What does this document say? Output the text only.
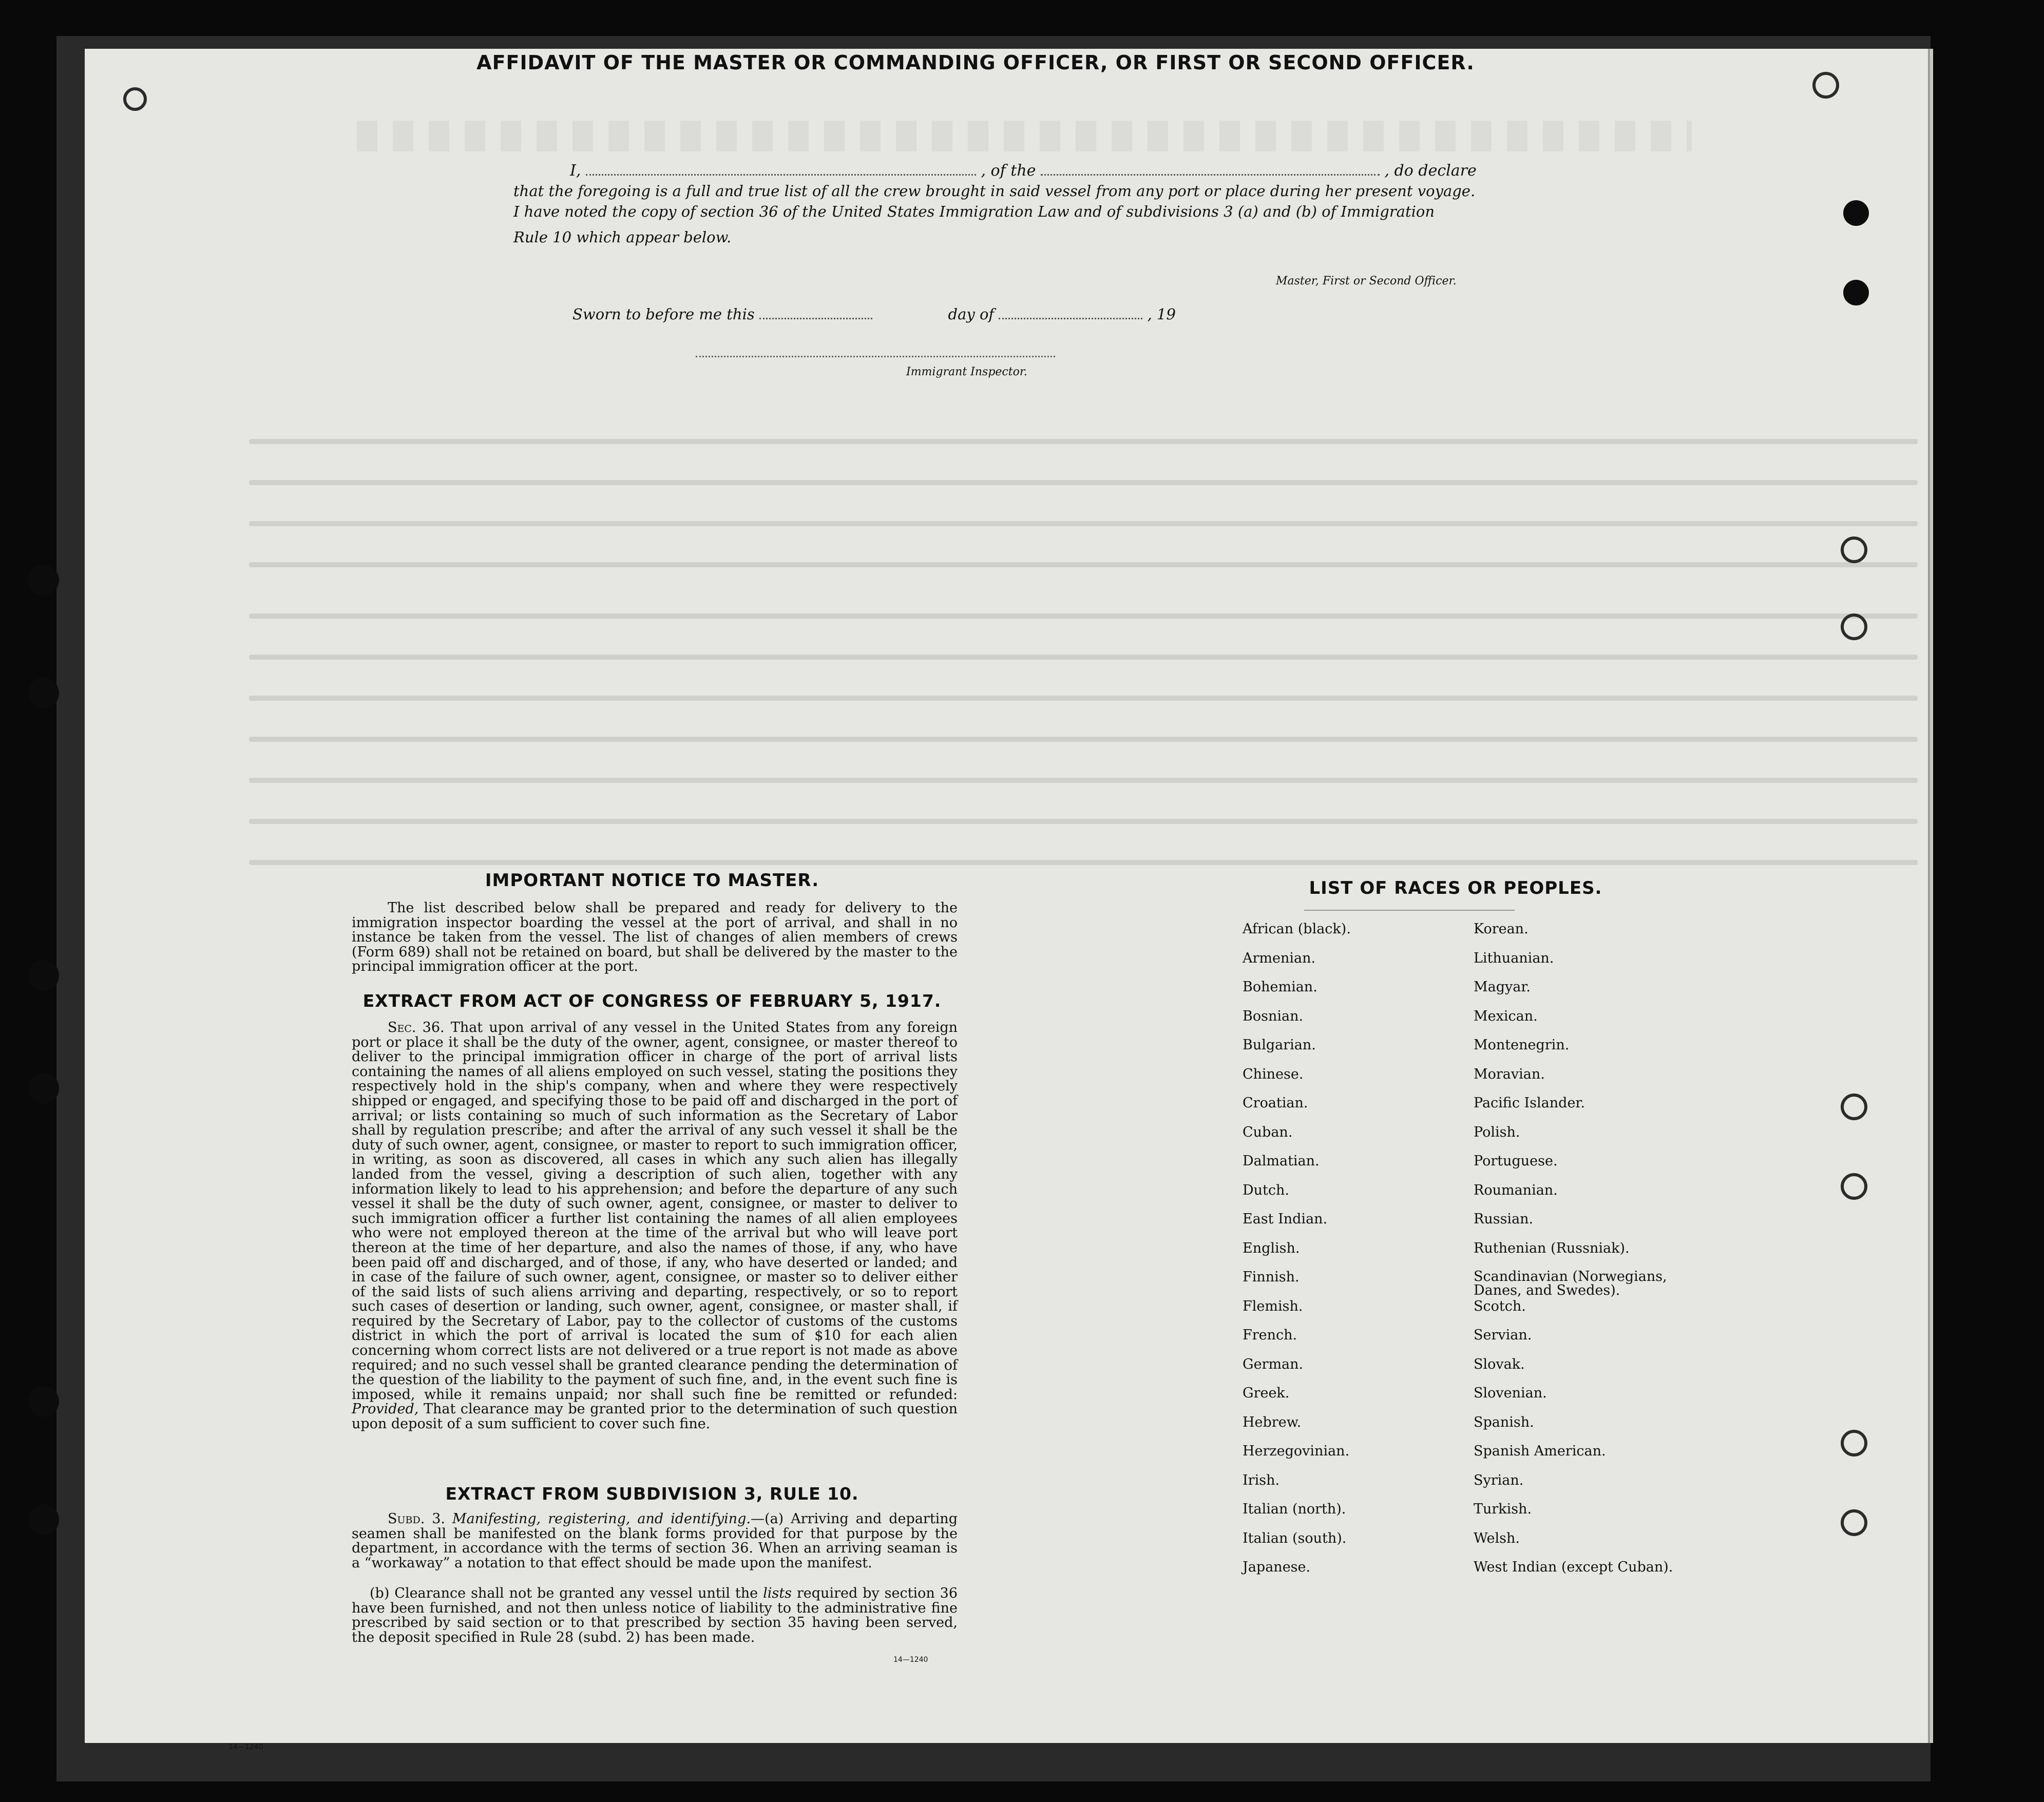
AFFIDAVIT OF THE MASTER OR COMMANDING OFFICER, OR FIRST OR SECOND OFFICER.
I,	, of the	, do declare
that the foregoing is a full and true list of all the crew brought in said vessel from any port or place during her present voyage.
I have noted the copy of section 36 of the United States Immigration Law and of subdivisions 3 (a) and (b) of Immigration
Rule 10 which appear below.
Master, First or Second Officer.
Sworn to before me this	day of	, 19
Immigrant Inspector.
IMPORTANT NOTICE TO MASTER.
The list described below shall be prepared and ready for delivery to the immigration inspector boarding the vessel at the port of arrival, and shall in no instance be taken from the vessel. The list of changes of alien members of crews (Form 689) shall not be retained on board, but shall be delivered by the master to the principal immigration officer at the port.
EXTRACT FROM ACT OF CONGRESS OF FEBRUARY 5, 1917.
Sec. 36. That upon arrival of any vessel in the United States from any foreign port or place it shall be the duty of the owner, agent, consignee, or master thereof to deliver to the principal immigration officer in charge of the port of arrival lists containing the names of all aliens employed on such vessel, stating the positions they respectively hold in the ship's company, when and where they were respectively shipped or engaged, and specifying those to be paid off and discharged in the port of arrival; or lists containing so much of such information as the Secretary of Labor shall by regulation prescribe; and after the arrival of any such vessel it shall be the duty of such owner, agent, consignee, or master to report to such immigration officer, in writing, as soon as discovered, all cases in which any such alien has illegally landed from the vessel, giving a description of such alien, together with any information likely to lead to his apprehension; and before the departure of any such vessel it shall be the duty of such owner, agent, consignee, or master to deliver to such immigration officer a further list containing the names of all alien employees who were not employed thereon at the time of the arrival but who will leave port thereon at the time of her departure, and also the names of those, if any, who have been paid off and discharged, and of those, if any, who have deserted or landed; and in case of the failure of such owner, agent, consignee, or master so to deliver either of the said lists of such aliens arriving and departing, respectively, or so to report such cases of desertion or landing, such owner, agent, consignee, or master shall, if required by the Secretary of Labor, pay to the collector of customs of the customs district in which the port of arrival is located the sum of $10 for each alien concerning whom correct lists are not delivered or a true report is not made as above required; and no such vessel shall be granted clearance pending the determination of the question of the liability to the payment of such fine, and, in the event such fine is imposed, while it remains unpaid; nor shall such fine be remitted or refunded: Provided, That clearance may be granted prior to the determination of such question upon deposit of a sum sufficient to cover such fine.
EXTRACT FROM SUBDIVISION 3, RULE 10.
Subd. 3. Manifesting, registering, and identifying.—(a) Arriving and departing seamen shall be manifested on the blank forms provided for that purpose by the department, in accordance with the terms of section 36. When an arriving seaman is a “workaway” a notation to that effect should be made upon the manifest.
(b) Clearance shall not be granted any vessel until the lists required by section 36 have been furnished, and not then unless notice of liability to the administrative fine prescribed by said section or to that prescribed by section 35 having been served, the deposit specified in Rule 28 (subd. 2) has been made.
14—1240
14—1240
LIST OF RACES OR PEOPLES.
African (black).
Armenian.
Bohemian.
Bosnian.
Bulgarian.
Chinese.
Croatian.
Cuban.
Dalmatian.
Dutch.
East Indian.
English.
Finnish.
Flemish.
French.
German.
Greek.
Hebrew.
Herzegovinian.
Irish.
Italian (north).
Italian (south).
Japanese.
Korean.
Lithuanian.
Magyar.
Mexican.
Montenegrin.
Moravian.
Pacific Islander.
Polish.
Portuguese.
Roumanian.
Russian.
Ruthenian (Russniak).
Scandinavian (Norwegians,
Danes, and Swedes).
Scotch.
Servian.
Slovak.
Slovenian.
Spanish.
Spanish American.
Syrian.
Turkish.
Welsh.
West Indian (except Cuban).
